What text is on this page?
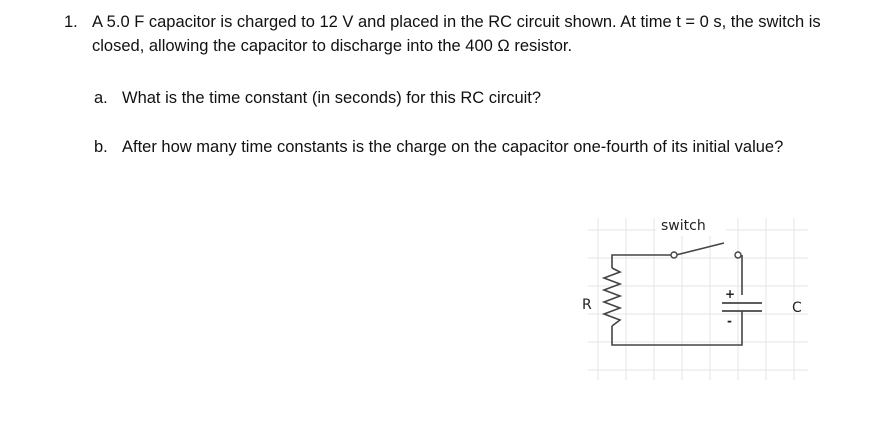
1. A 5.0 F capacitor is charged to 12 V and placed in the RC circuit shown. At time t = 0 s, the switch is closed, allowing the capacitor to discharge into the 400 Ω resistor.
a. What is the time constant (in seconds) for this RC circuit?
b. After how many time constants is the charge on the capacitor one-fourth of its initial value?
switch
R
+
-
C
